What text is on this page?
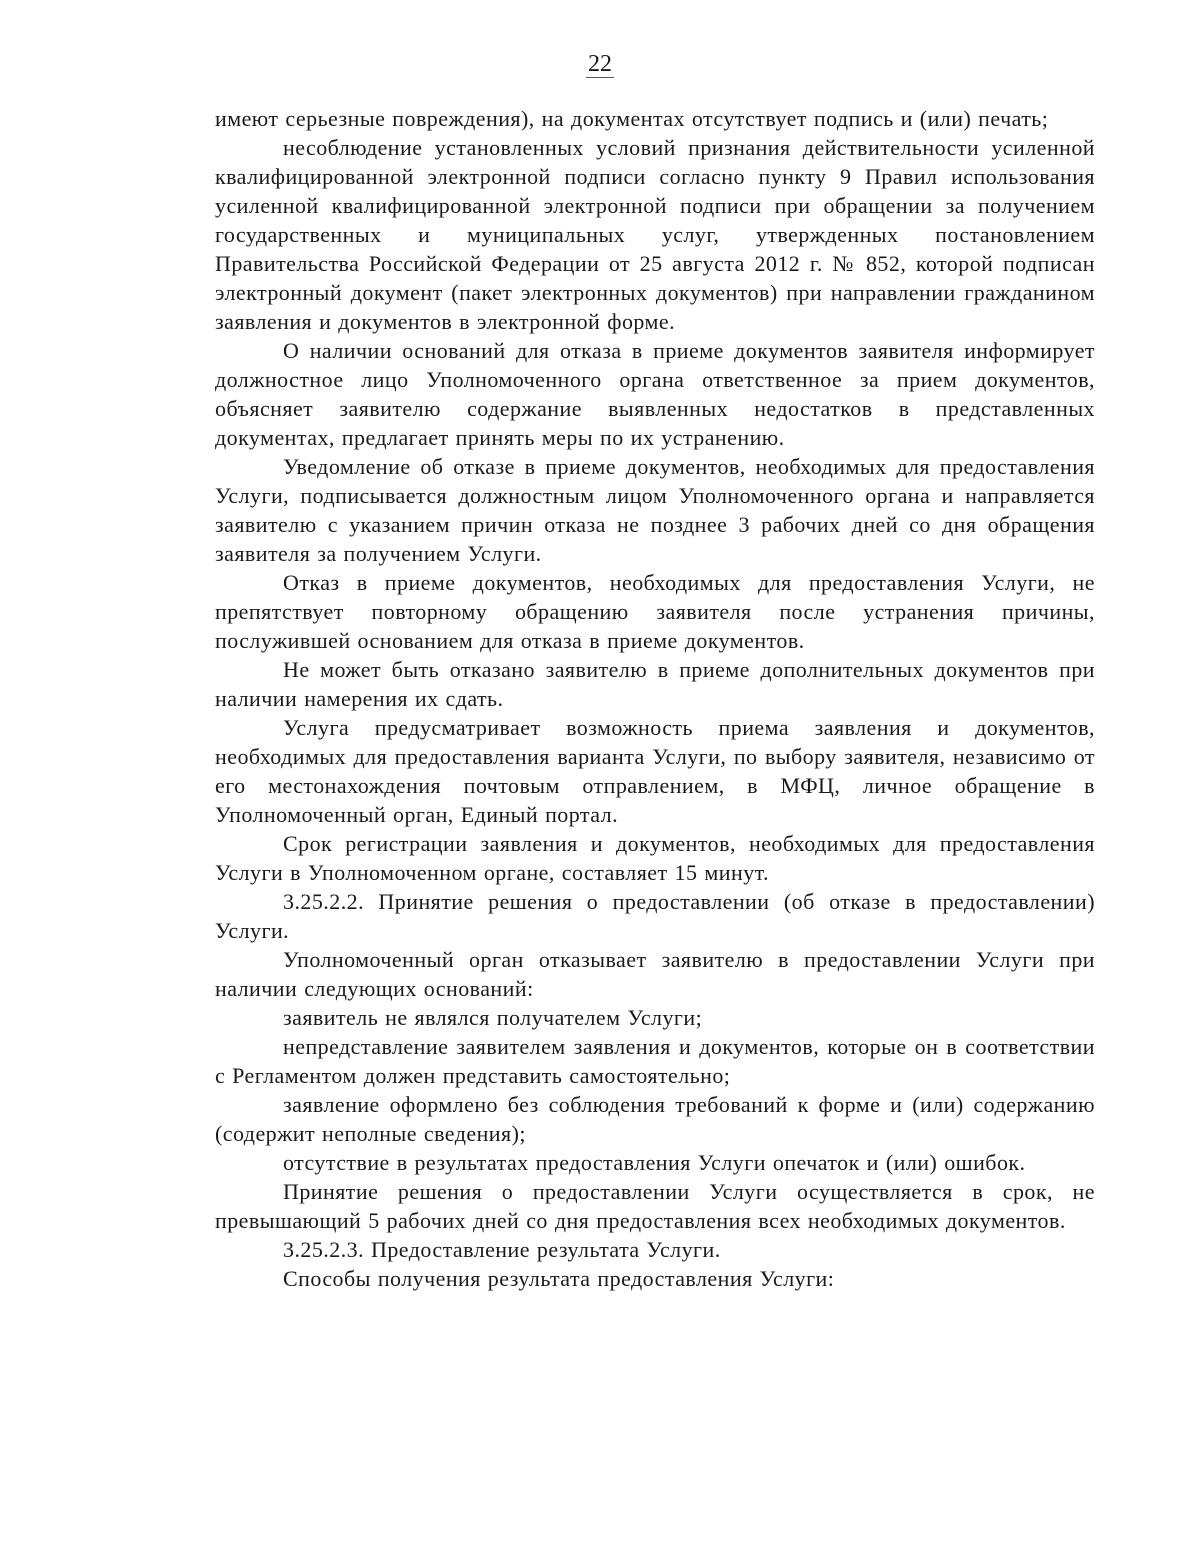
22

имеют серьезные повреждения), на документах отсутствует подпись и (или) печать;

несоблюдение установленных условий признания действительности усиленной квалифицированной электронной подписи согласно пункту 9 Правил использования усиленной квалифицированной электронной подписи при обращении за получением государственных и муниципальных услуг, утвержденных постановлением Правительства Российской Федерации от 25 августа 2012 г. № 852, которой подписан электронный документ (пакет электронных документов) при направлении гражданином заявления и документов в электронной форме.

О наличии оснований для отказа в приеме документов заявителя информирует должностное лицо Уполномоченного органа ответственное за прием документов, объясняет заявителю содержание выявленных недостатков в представленных документах, предлагает принять меры по их устранению.

Уведомление об отказе в приеме документов, необходимых для предоставления Услуги, подписывается должностным лицом Уполномоченного органа и направляется заявителю с указанием причин отказа не позднее 3 рабочих дней со дня обращения заявителя за получением Услуги.

Отказ в приеме документов, необходимых для предоставления Услуги, не препятствует повторному обращению заявителя после устранения причины, послужившей основанием для отказа в приеме документов.

Не может быть отказано заявителю в приеме дополнительных документов при наличии намерения их сдать.

Услуга предусматривает возможность приема заявления и документов, необходимых для предоставления варианта Услуги, по выбору заявителя, независимо от его местонахождения почтовым отправлением, в МФЦ, личное обращение в Уполномоченный орган, Единый портал.

Срок регистрации заявления и документов, необходимых для предоставления Услуги в Уполномоченном органе, составляет 15 минут.

3.25.2.2. Принятие решения о предоставлении (об отказе в предоставлении) Услуги.

Уполномоченный орган отказывает заявителю в предоставлении Услуги при наличии следующих оснований:

заявитель не являлся получателем Услуги;

непредставление заявителем заявления и документов, которые он в соответствии с Регламентом должен представить самостоятельно;

заявление оформлено без соблюдения требований к форме и (или) содержанию (содержит неполные сведения);

отсутствие в результатах предоставления Услуги опечаток и (или) ошибок.

Принятие решения о предоставлении Услуги осуществляется в срок, не превышающий 5 рабочих дней со дня предоставления всех необходимых документов.

3.25.2.3. Предоставление результата Услуги.

Способы получения результата предоставления Услуги:
